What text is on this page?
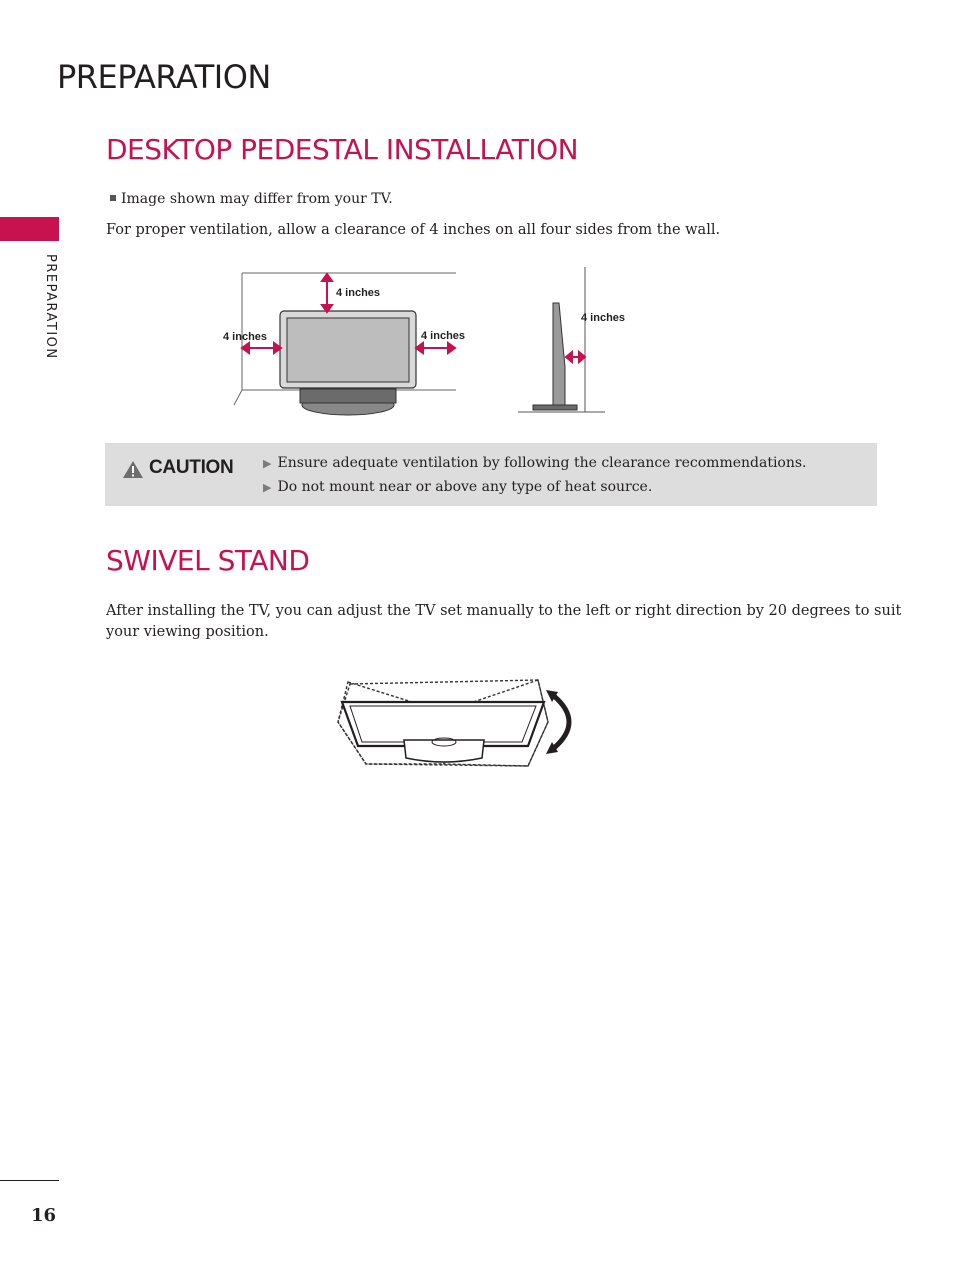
PREPARATION
PREPARATION
DESKTOP PEDESTAL INSTALLATION
Image shown may differ from your TV.
For proper ventilation, allow a clearance of 4 inches on all four sides from the wall.
4 inches
4 inches	4 inches
4 inches
CAUTION	▶ Ensure adequate ventilation by following the clearance recommendations.
▶ Do not mount near or above any type of heat source.
SWIVEL STAND
After installing the TV, you can adjust the TV set manually to the left or right direction by 20 degrees to suit
your viewing position.
16
